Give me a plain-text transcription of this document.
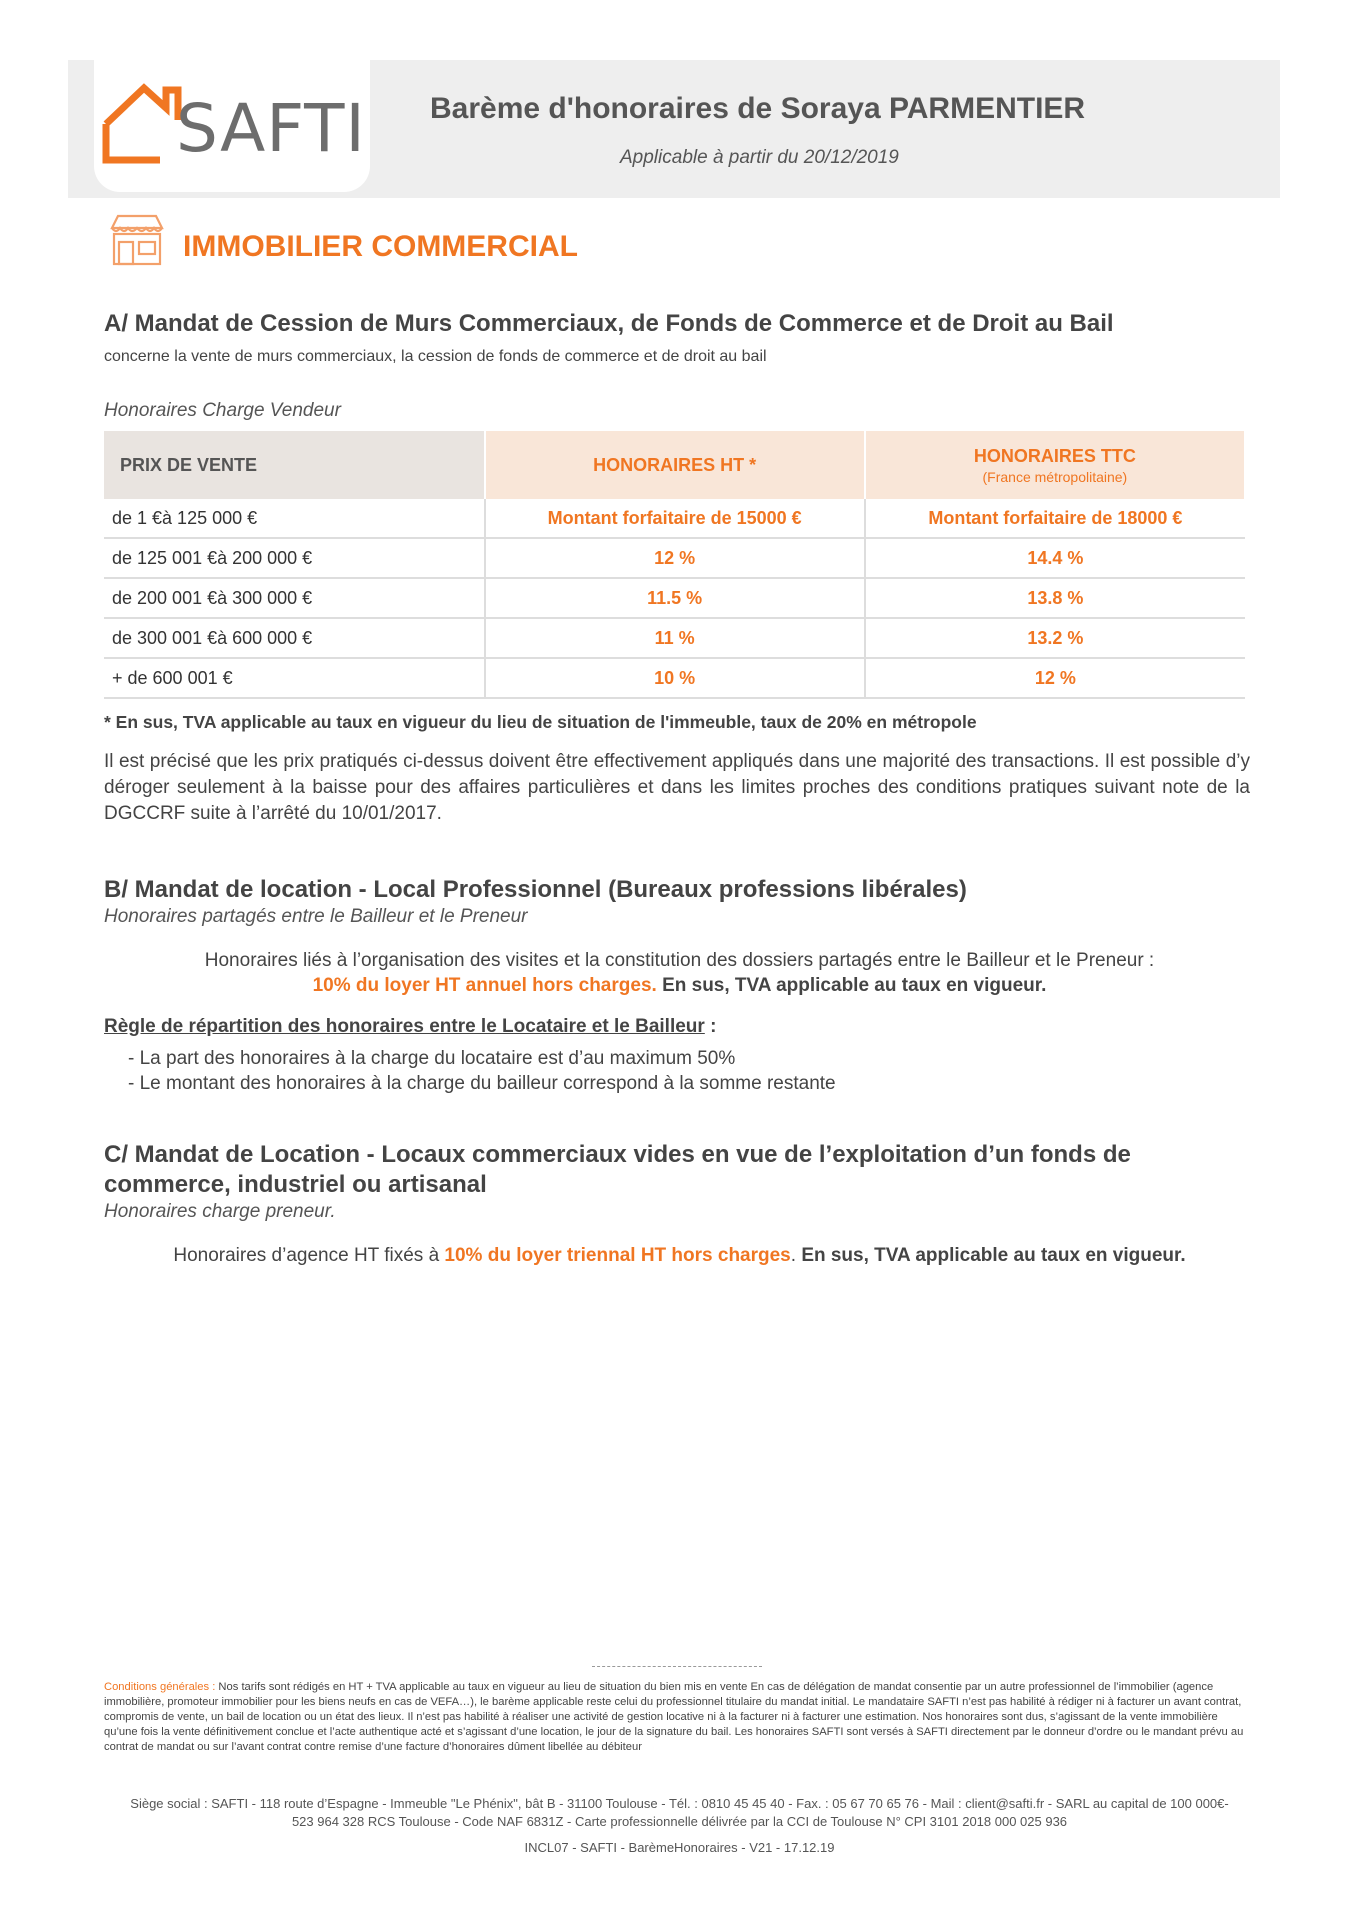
SAFTI Barème d'honoraires de Soraya PARMENTIER
Applicable à partir du 20/12/2019
IMMOBILIER COMMERCIAL
A/ Mandat de Cession de Murs Commerciaux, de Fonds de Commerce et de Droit au Bail
concerne la vente de murs commerciaux, la cession de fonds de commerce et de droit au bail
Honoraires Charge Vendeur
PRIX DE VENTE	HONORAIRES HT *	HONORAIRES TTC
(France métropolitaine)

de 1 €à 125 000 €	Montant forfaitaire de 15000 €	Montant forfaitaire de 18000 €
de 125 001 €à 200 000 €	12 %	14.4 %
de 200 001 €à 300 000 €	11.5 %	13.8 %
de 300 001 €à 600 000 €	11 %	13.2 %
+ de 600 001 €	10 %	12 %
* En sus, TVA applicable au taux en vigueur du lieu de situation de l'immeuble, taux de 20% en métropole
Il est précisé que les prix pratiqués ci-dessus doivent être effectivement appliqués dans une majorité des transactions. Il est possible d’y déroger seulement à la baisse pour des affaires particulières et dans les limites proches des conditions pratiques suivant note de la DGCCRF suite à l’arrêté du 10/01/2017.
B/ Mandat de location - Local Professionnel (Bureaux professions libérales)
Honoraires partagés entre le Bailleur et le Preneur
Honoraires liés à l’organisation des visites et la constitution des dossiers partagés entre le Bailleur et le Preneur :
10% du loyer HT annuel hors charges. En sus, TVA applicable au taux en vigueur.
Règle de répartition des honoraires entre le Locataire et le Bailleur :
- La part des honoraires à la charge du locataire est d’au maximum 50%
- Le montant des honoraires à la charge du bailleur correspond à la somme restante
C/ Mandat de Location - Locaux commerciaux vides en vue de l’exploitation d’un fonds de
commerce, industriel ou artisanal
Honoraires charge preneur.
Honoraires d’agence HT fixés à 10% du loyer triennal HT hors charges. En sus, TVA applicable au taux en vigueur.
Conditions générales : Nos tarifs sont rédigés en HT + TVA applicable au taux en vigueur au lieu de situation du bien mis en vente En cas de délégation de mandat consentie par un autre professionnel de l’immobilier (agence immobilière, promoteur immobilier pour les biens neufs en cas de VEFA…), le barème applicable reste celui du professionnel titulaire du mandat initial. Le mandataire SAFTI n’est pas habilité à rédiger ni à facturer un avant contrat, compromis de vente, un bail de location ou un état des lieux. Il n’est pas habilité à réaliser une activité de gestion locative ni à la facturer ni à facturer une estimation. Nos honoraires sont dus, s’agissant de la vente immobilière qu’une fois la vente définitivement conclue et l’acte authentique acté et s’agissant d’une location, le jour de la signature du bail. Les honoraires SAFTI sont versés à SAFTI directement par le donneur d’ordre ou le mandant prévu au contrat de mandat ou sur l’avant contrat contre remise d’une facture d’honoraires dûment libellée au débiteur
Siège social : SAFTI - 118 route d’Espagne - Immeuble "Le Phénix", bât B - 31100 Toulouse - Tél. : 0810 45 45 40 - Fax. : 05 67 70 65 76 - Mail : client@safti.fr - SARL au capital de 100 000€-
523 964 328 RCS Toulouse - Code NAF 6831Z - Carte professionnelle délivrée par la CCI de Toulouse N° CPI 3101 2018 000 025 936
INCL07 - SAFTI - BarèmeHonoraires - V21 - 17.12.19
